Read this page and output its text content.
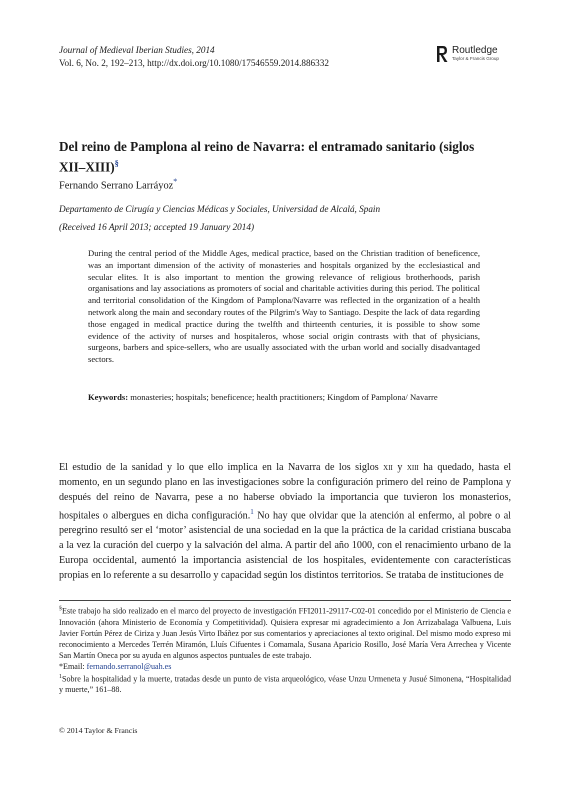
Journal of Medieval Iberian Studies, 2014
Vol. 6, No. 2, 192–213, http://dx.doi.org/10.1080/17546559.2014.886332
Routledge
Taylor & Francis Group
Del reino de Pamplona al reino de Navarra: el entramado sanitario (siglos XII–XIII)§
Fernando Serrano Larráyoz*
Departamento de Cirugía y Ciencias Médicas y Sociales, Universidad de Alcalá, Spain
(Received 16 April 2013; accepted 19 January 2014)

During the central period of the Middle Ages, medical practice, based on the Christian tradition of beneficence, was an important dimension of the activity of monasteries and hospitals organized by the ecclesiastical and secular elites. It is also important to mention the growing relevance of religious brotherhoods, parish organisations and lay associations as promoters of social and charitable activities during this period. The political and territorial consolidation of the Kingdom of Pamplona/Navarre was reflected in the organization of a health network along the main and secondary routes of the Pilgrim's Way to Santiago. Despite the lack of data regarding those engaged in medical practice during the twelfth and thirteenth centuries, it is possible to show some evidence of the activity of nurses and hospitaleros, whose social origin contrasts with that of physicians, surgeons, barbers and spice-sellers, who are usually associated with the urban world and socially disadvantaged sectors.

Keywords: monasteries; hospitals; beneficence; health practitioners; Kingdom of Pamplona/ Navarre

El estudio de la sanidad y lo que ello implica en la Navarra de los siglos xii y xiii ha quedado, hasta el momento, en un segundo plano en las investigaciones sobre la configuración primero del reino de Pamplona y después del reino de Navarra, pese a no haberse obviado la importancia que tuvieron los monasterios, hospitales o albergues en dicha configuración.$^1$ No hay que olvidar que la atención al enfermo, al pobre o al peregrino resultó ser el ‘motor’ asistencial de una sociedad en la que la práctica de la caridad cristiana buscaba a la vez la curación del cuerpo y la salvación del alma. A partir del año 1000, con el renacimiento urbano de la Europa occidental, aumentó la importancia asistencial de los hospitales, evidentemente con características propias en lo referente a su desarrollo y capacidad según los distintos territorios. Se trataba de instituciones de

§Este trabajo ha sido realizado en el marco del proyecto de investigación FFI2011-29117-C02-01 concedido por el Ministerio de Ciencia e Innovación (ahora Ministerio de Economía y Competitividad). Quisiera expresar mi agradecimiento a Jon Arrizabalaga Valbuena, Luis Javier Fortún Pérez de Ciriza y Juan Jesús Virto Ibáñez por sus comentarios y apreciaciones al texto original. Del mismo modo expreso mi reconocimiento a Mercedes Terrén Miramón, Lluís Cifuentes i Comamala, Susana Aparicio Rosillo, José María Vera Arrechea y Vicente San Martín Oneca por su ayuda en algunos aspectos puntuales de este trabajo.

*Email: fernando.serranol@uah.es

$^1$Sobre la hospitalidad y la muerte, tratadas desde un punto de vista arqueológico, véase Unzu Urmeneta y Jusué Simonena, “Hospitalidad y muerte,” 161–88.

© 2014 Taylor & Francis
